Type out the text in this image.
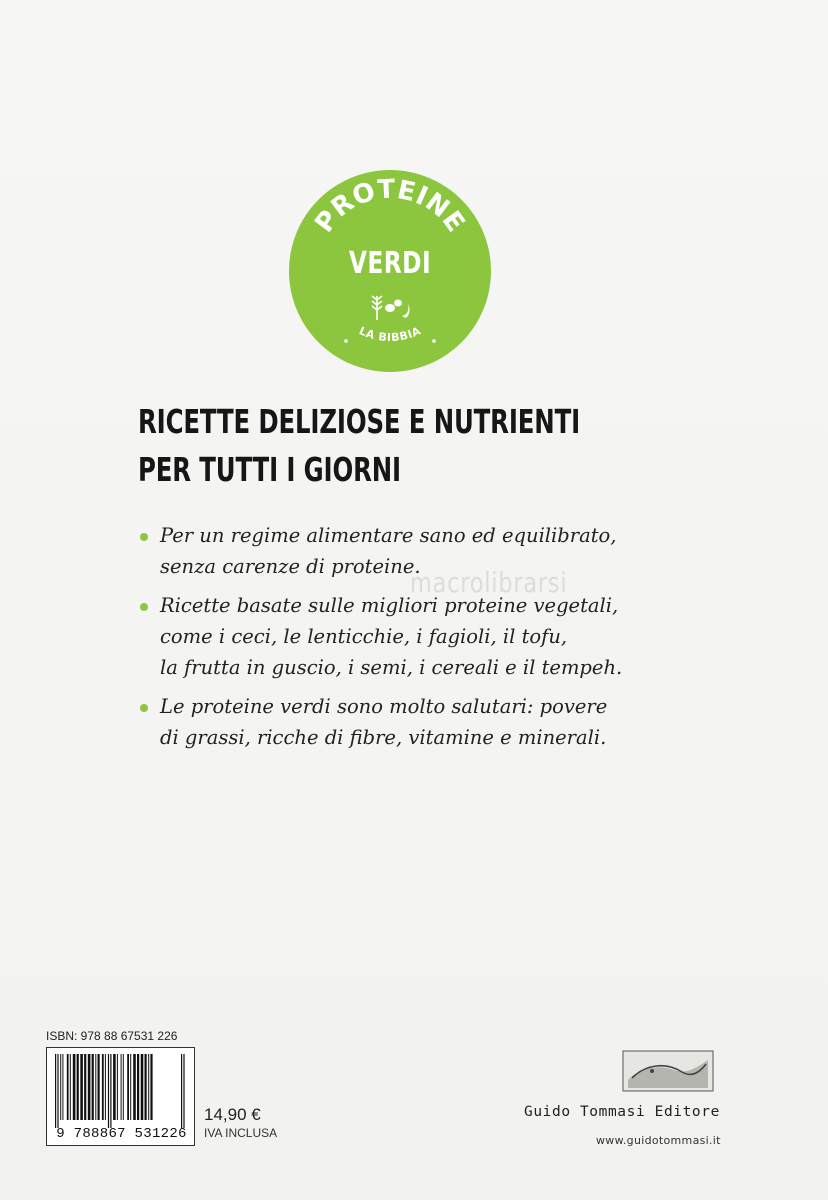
PROTEINE
LA BIBBIA
VERDI
RICETTE DELIZIOSE E NUTRIENTI
PER TUTTI I GIORNI
Per un regime alimentare sano ed equilibrato,
senza carenze di proteine.
Ricette basate sulle migliori proteine vegetali,
come i ceci, le lenticchie, i fagioli, il tofu,
la frutta in guscio, i semi, i cereali e il tempeh.
Le proteine verdi sono molto salutari: povere
di grassi, ricche di fibre, vitamine e minerali.
macrolibrarsi
ISBN: 978 88 67531 226
9 788867 531226
14,90 €
IVA INCLUSA
Guido Tommasi Editore
www.guidotommasi.it
